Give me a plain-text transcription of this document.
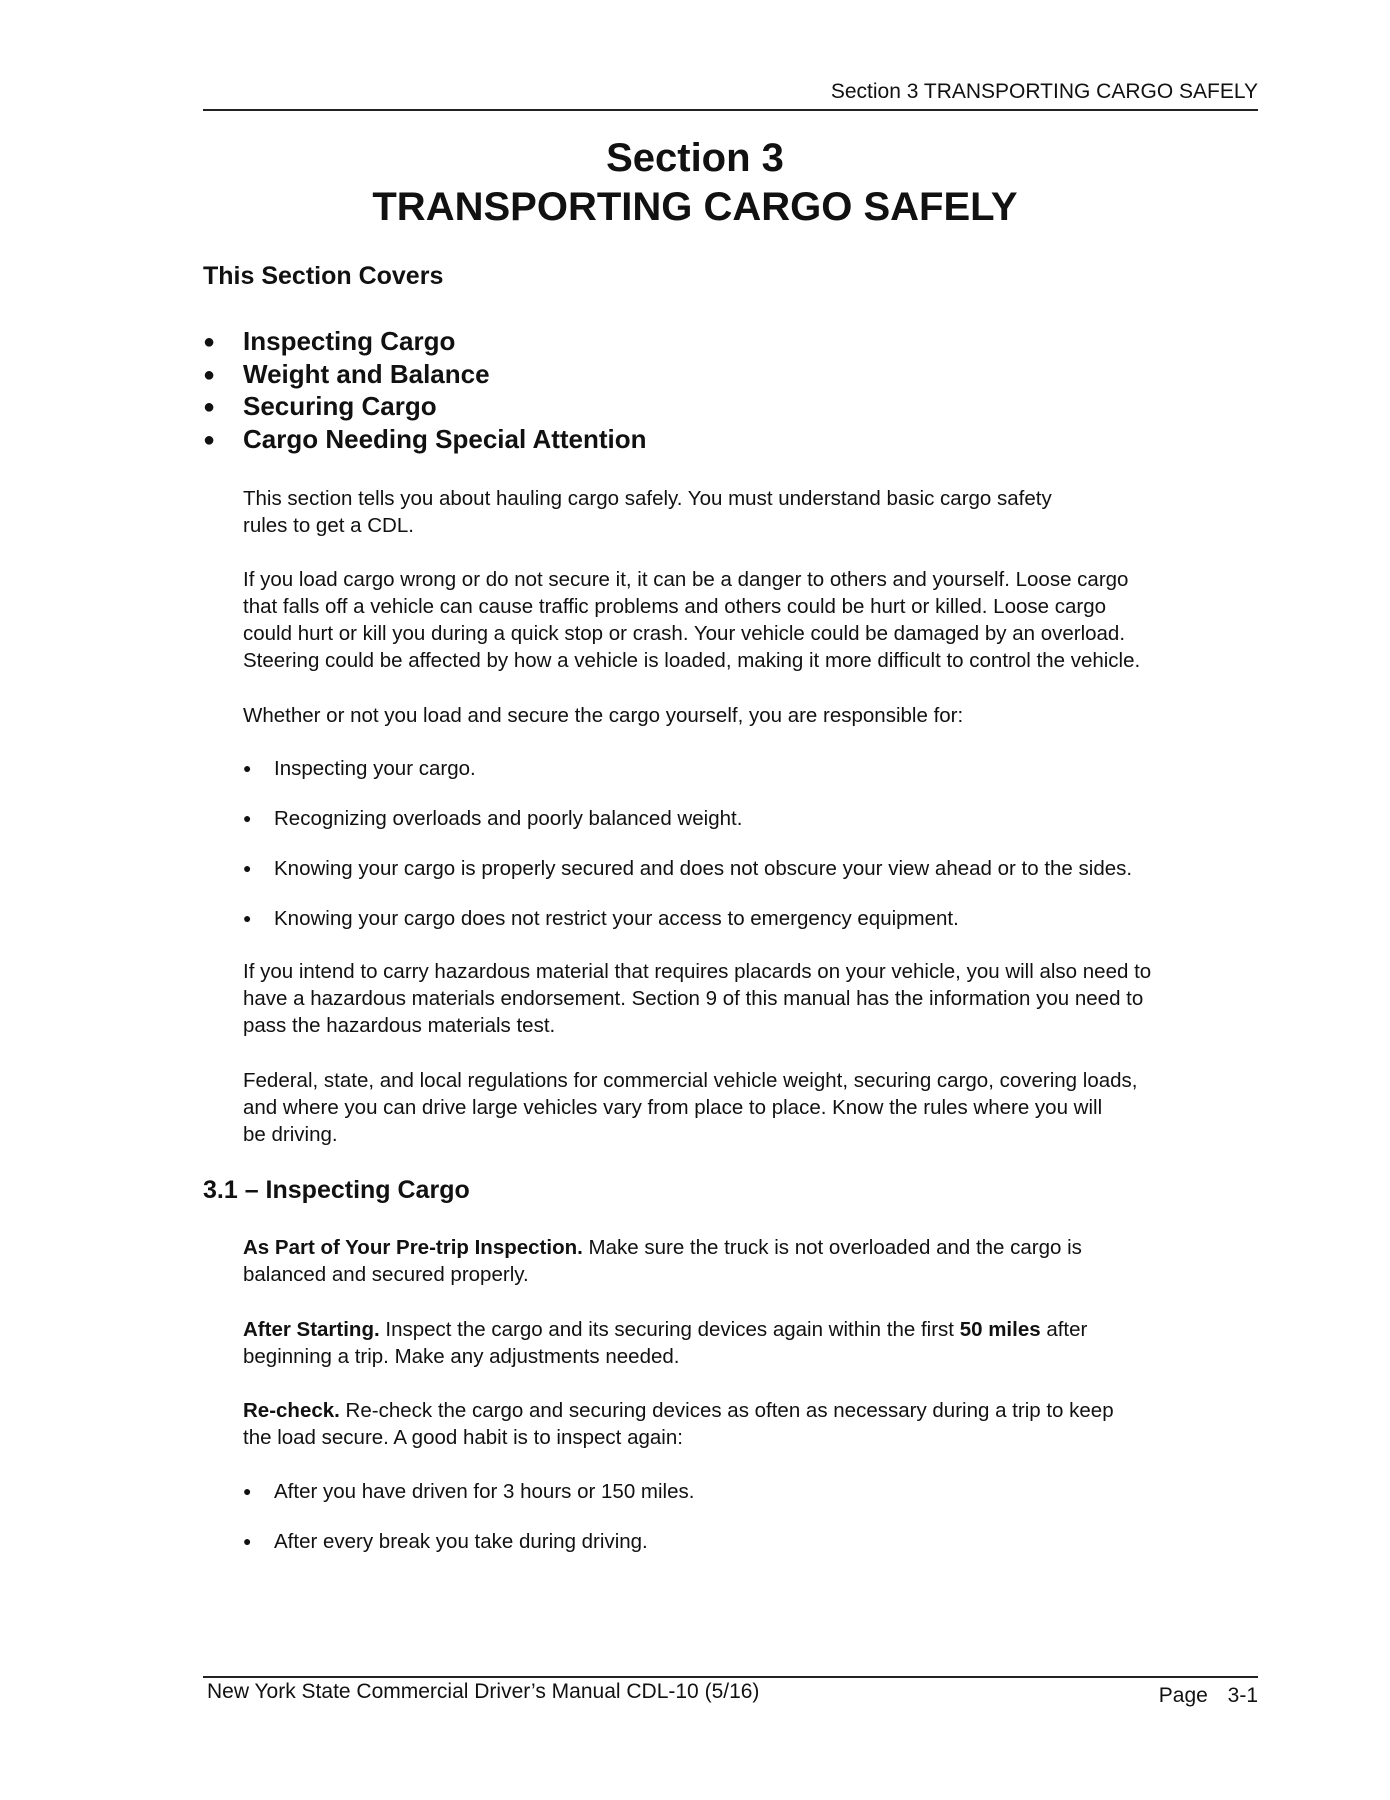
Section 3 TRANSPORTING CARGO SAFELY
Section 3
TRANSPORTING CARGO SAFELY
This Section Covers
● Inspecting Cargo
● Weight and Balance
● Securing Cargo
● Cargo Needing Special Attention
This section tells you about hauling cargo safely. You must understand basic cargo safety
rules to get a CDL.
If you load cargo wrong or do not secure it, it can be a danger to others and yourself. Loose cargo
that falls off a vehicle can cause traffic problems and others could be hurt or killed. Loose cargo
could hurt or kill you during a quick stop or crash. Your vehicle could be damaged by an overload.
Steering could be affected by how a vehicle is loaded, making it more difficult to control the vehicle.
Whether or not you load and secure the cargo yourself, you are responsible for:
● Inspecting your cargo.
● Recognizing overloads and poorly balanced weight.
● Knowing your cargo is properly secured and does not obscure your view ahead or to the sides.
● Knowing your cargo does not restrict your access to emergency equipment.
If you intend to carry hazardous material that requires placards on your vehicle, you will also need to
have a hazardous materials endorsement. Section 9 of this manual has the information you need to
pass the hazardous materials test.
Federal, state, and local regulations for commercial vehicle weight, securing cargo, covering loads,
and where you can drive large vehicles vary from place to place. Know the rules where you will
be driving.
3.1 – Inspecting Cargo
As Part of Your Pre-trip Inspection. Make sure the truck is not overloaded and the cargo is
balanced and secured properly.
After Starting. Inspect the cargo and its securing devices again within the first 50 miles after
beginning a trip. Make any adjustments needed.
Re-check. Re-check the cargo and securing devices as often as necessary during a trip to keep
the load secure. A good habit is to inspect again:
● After you have driven for 3 hours or 150 miles.
● After every break you take during driving.
New York State Commercial Driver’s Manual CDL-10 (5/16)	Page 3-1
